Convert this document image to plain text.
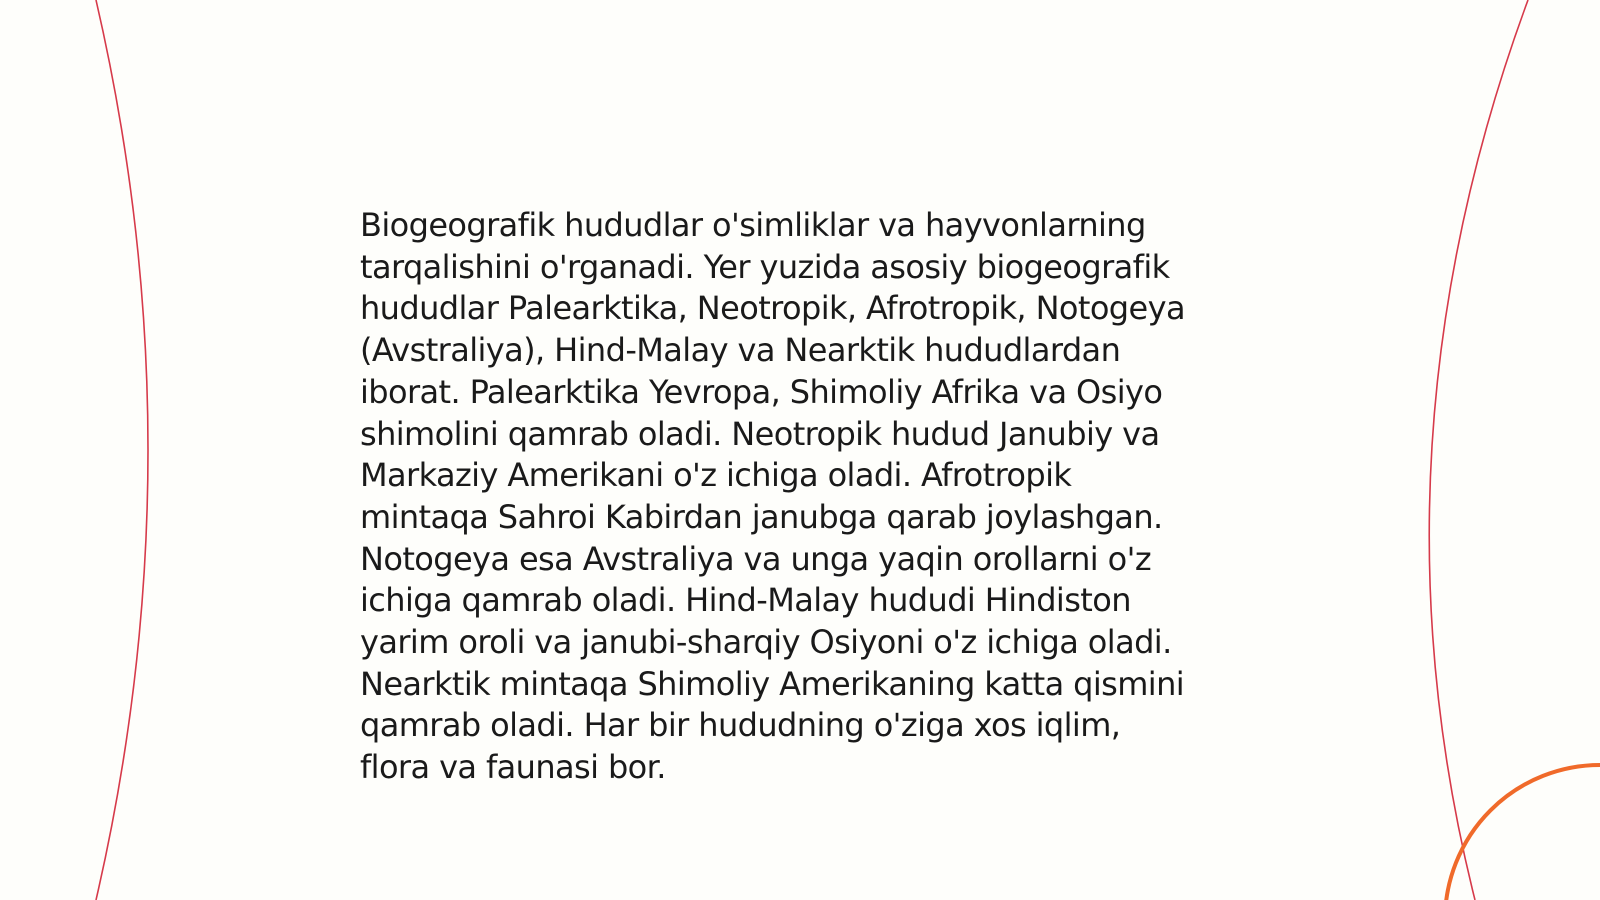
Biogeografik hududlar o'simliklar va hayvonlarning
tarqalishini o'rganadi. Yer yuzida asosiy biogeografik
hududlar Palearktika, Neotropik, Afrotropik, Notogeya
(Avstraliya), Hind-Malay va Nearktik hududlardan
iborat. Palearktika Yevropa, Shimoliy Afrika va Osiyo
shimolini qamrab oladi. Neotropik hudud Janubiy va
Markaziy Amerikani o'z ichiga oladi. Afrotropik
mintaqa Sahroi Kabirdan janubga qarab joylashgan.
Notogeya esa Avstraliya va unga yaqin orollarni o'z
ichiga qamrab oladi. Hind-Malay hududi Hindiston
yarim oroli va janubi-sharqiy Osiyoni o'z ichiga oladi.
Nearktik mintaqa Shimoliy Amerikaning katta qismini
qamrab oladi. Har bir hududning o'ziga xos iqlim,
flora va faunasi bor.
